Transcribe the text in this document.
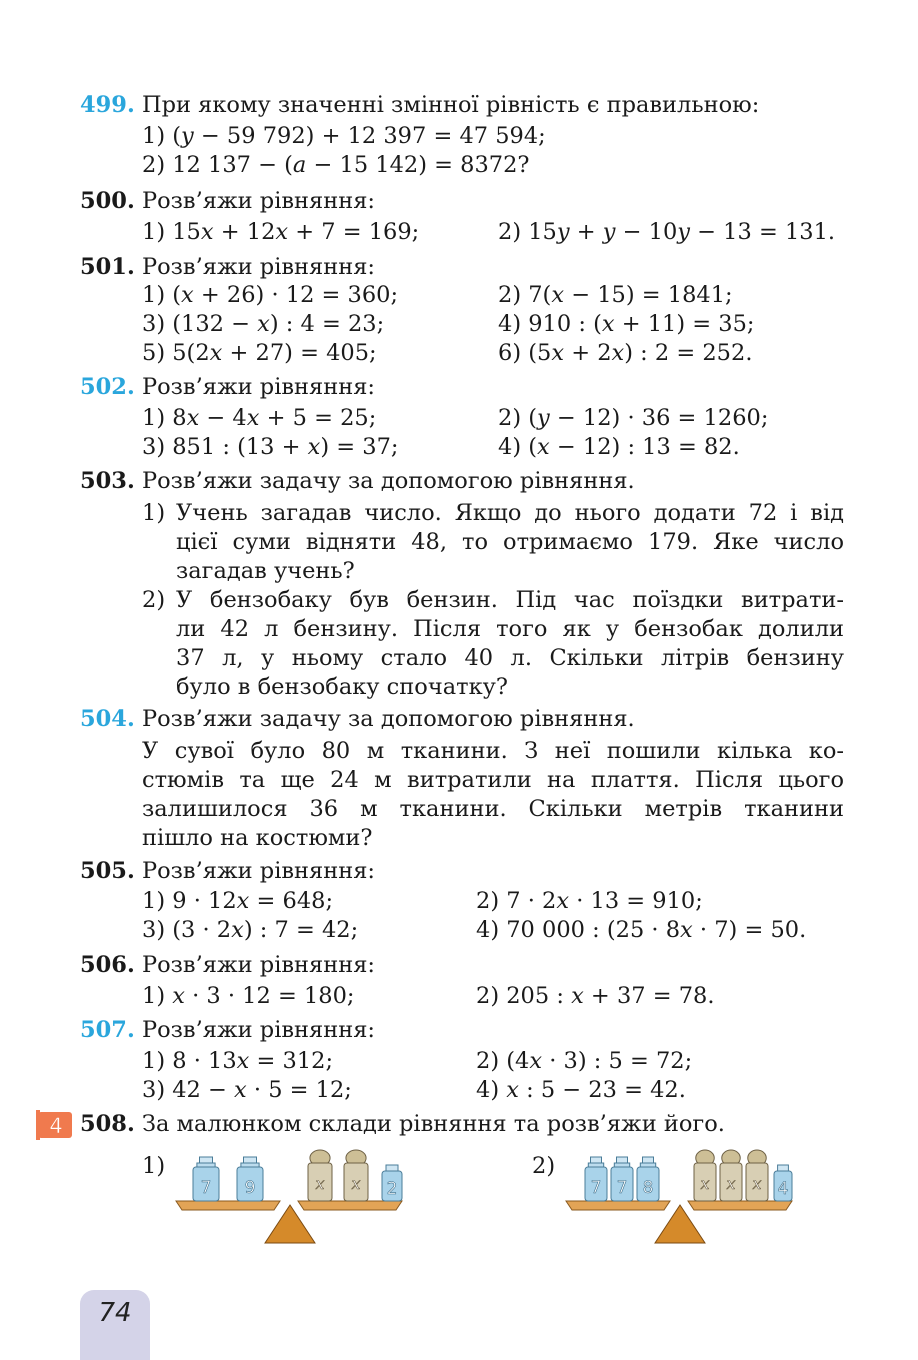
499. При якому значенні змінної рівність є правильною:
1) (y − 59 792) + 12 397 = 47 594;
2) 12 137 − (a − 15 142) = 8372?
500. Розв’яжи рівняння:
1) 15x + 12x + 7 = 169;	2) 15y + y − 10y − 13 = 131.
501. Розв’яжи рівняння:
1) (x + 26) · 12 = 360;	2) 7(x − 15) = 1841;
3) (132 − x) : 4 = 23;	4) 910 : (x + 11) = 35;
5) 5(2x + 27) = 405;	6) (5x + 2x) : 2 = 252.
502. Розв’яжи рівняння:
1) 8x − 4x + 5 = 25;	2) (y − 12) · 36 = 1260;
3) 851 : (13 + x) = 37;	4) (x − 12) : 13 = 82.
503. Розв’яжи задачу за допомогою рівняння.
1) Учень загадав число. Якщо до нього додати 72 і від
цієї суми відняти 48, то отримаємо 179. Яке число
загадав учень?
2) У бензобаку був бензин. Під час поїздки витрати-
ли 42 л бензину. Після того як у бензобак долили
37 л, у ньому стало 40 л. Скільки літрів бензину
було в бензобаку спочатку?
504. Розв’яжи задачу за допомогою рівняння.
У сувої було 80 м тканини. З неї пошили кілька ко-
стюмів та ще 24 м витратили на плаття. Після цього
залишилося 36 м тканини. Скільки метрів тканини
пішло на костюми?
505. Розв’яжи рівняння:
1) 9 · 12x = 648;	2) 7 · 2x · 13 = 910;
3) (3 · 2x) : 7 = 42;	4) 70 000 : (25 · 8x · 7) = 50.
506. Розв’яжи рівняння:
1) x · 3 · 12 = 180;	2) 205 : x + 37 = 78.
507. Розв’яжи рівняння:
1) 8 · 13x = 312;	2) (4x · 3) : 5 = 72;
3) 42 − x · 5 = 12;	4) x : 5 − 23 = 42.
4 508. За малюнком склади рівняння та розв’яжи його.
1)	2)
7 9	x x 2	7 7 8	x x x 4
74
